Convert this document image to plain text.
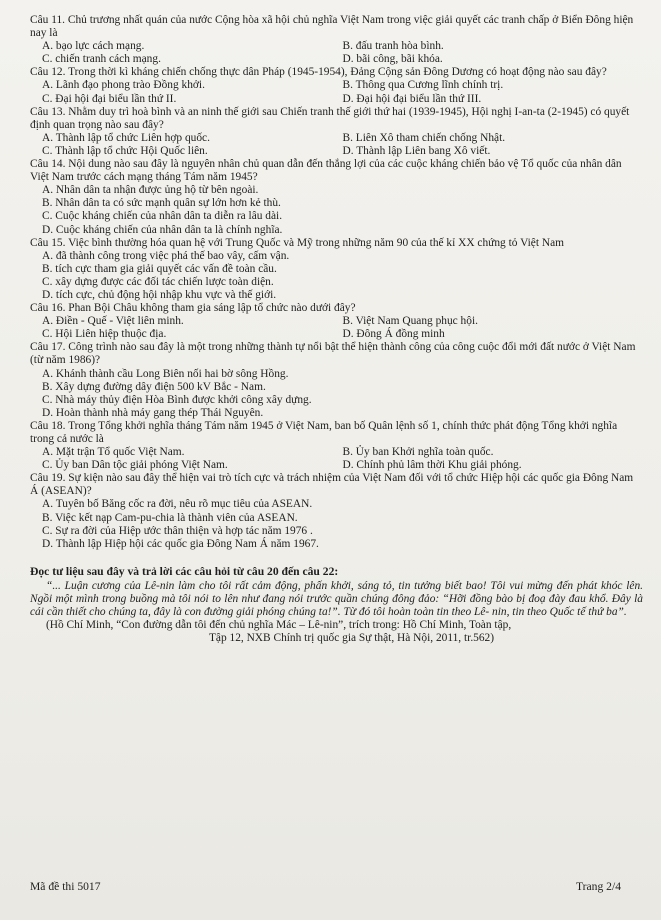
Câu 11. Chủ trương nhất quán của nước Cộng hòa xã hội chủ nghĩa Việt Nam trong việc giải quyết các tranh chấp ở Biển Đông hiện nay là

A. bạo lực cách mạng.	B. đấu tranh hòa bình.
C. chiến tranh cách mạng.	D. bãi công, bãi khóa.

Câu 12. Trong thời kì kháng chiến chống thực dân Pháp (1945-1954), Đảng Cộng sản Đông Dương có hoạt động nào sau đây?

A. Lãnh đạo phong trào Đồng khởi.	B. Thông qua Cương lĩnh chính trị.
C. Đại hội đại biểu lần thứ II.	D. Đại hội đại biểu lần thứ III.

Câu 13. Nhằm duy trì hoà bình và an ninh thế giới sau Chiến tranh thế giới thứ hai (1939-1945), Hội nghị I-an-ta (2-1945) có quyết định quan trọng nào sau đây?

A. Thành lập tổ chức Liên hợp quốc.	B. Liên Xô tham chiến chống Nhật.
C. Thành lập tổ chức Hội Quốc liên.	D. Thành lập Liên bang Xô viết.

Câu 14. Nội dung nào sau đây là nguyên nhân chủ quan dẫn đến thắng lợi của các cuộc kháng chiến bảo vệ Tổ quốc của nhân dân Việt Nam trước cách mạng tháng Tám năm 1945?

A. Nhân dân ta nhận được ủng hộ từ bên ngoài.
B. Nhân dân ta có sức mạnh quân sự lớn hơn kẻ thù.
C. Cuộc kháng chiến của nhân dân ta diễn ra lâu dài.
D. Cuộc kháng chiến của nhân dân ta là chính nghĩa.

Câu 15. Việc bình thường hóa quan hệ với Trung Quốc và Mỹ trong những năm 90 của thế kỉ XX chứng tỏ Việt Nam

A. đã thành công trong việc phá thế bao vây, cấm vận.
B. tích cực tham gia giải quyết các vấn đề toàn cầu.
C. xây dựng được các đối tác chiến lược toàn diện.
D. tích cực, chủ động hội nhập khu vực và thế giới.

Câu 16. Phan Bội Châu không tham gia sáng lập tổ chức nào dưới đây?

A. Điền - Quế - Việt liên minh.	B. Việt Nam Quang phục hội.
C. Hội Liên hiệp thuộc địa.	D. Đông Á đồng minh

Câu 17. Công trình nào sau đây là một trong những thành tự nổi bật thể hiện thành công của công cuộc đổi mới đất nước ở Việt Nam (từ năm 1986)?

A. Khánh thành cầu Long Biên nối hai bờ sông Hồng.
B. Xây dựng đường dây điện 500 kV Bắc - Nam.
C. Nhà máy thủy điện Hòa Bình được khởi công xây dựng.
D. Hoàn thành nhà máy gang thép Thái Nguyên.

Câu 18. Trong Tổng khởi nghĩa tháng Tám năm 1945 ở Việt Nam, ban bố Quân lệnh số 1, chính thức phát động Tổng khởi nghĩa trong cả nước là

A. Mặt trận Tổ quốc Việt Nam.	B. Ủy ban Khởi nghĩa toàn quốc.
C. Ủy ban Dân tộc giải phóng Việt Nam.	D. Chính phủ lâm thời Khu giải phóng.

Câu 19. Sự kiện nào sau đây thể hiện vai trò tích cực và trách nhiệm của Việt Nam đối với tổ chức Hiệp hội các quốc gia Đông Nam Á (ASEAN)?

A. Tuyên bố Băng cốc ra đời, nêu rõ mục tiêu của ASEAN.
B. Việc kết nạp Cam-pu-chia là thành viên của ASEAN.
C. Sự ra đời của Hiệp ước thân thiện và hợp tác năm 1976 .
D. Thành lập Hiệp hội các quốc gia Đông Nam Á năm 1967.

Đọc tư liệu sau đây và trả lời các câu hỏi từ câu 20 đến câu 22:

“... Luận cương của Lê-nin làm cho tôi rất cảm động, phấn khởi, sáng tỏ, tin tưởng biết bao! Tôi vui mừng đến phát khóc lên. Ngồi một mình trong buồng mà tôi nói to lên như đang nói trước quần chúng đông đảo: “Hỡi đồng bào bị đoạ đày đau khổ. Đây là cái cần thiết cho chúng ta, đây là con đường giải phóng chúng ta!”. Từ đó tôi hoàn toàn tin theo Lê- nin, tin theo Quốc tế thứ ba”.

(Hồ Chí Minh, “Con đường dẫn tôi đến chủ nghĩa Mác – Lê-nin”, trích trong: Hồ Chí Minh, Toàn tập,

Tập 12, NXB Chính trị quốc gia Sự thật, Hà Nội, 2011, tr.562)

Mã đề thi 5017	Trang 2/4
